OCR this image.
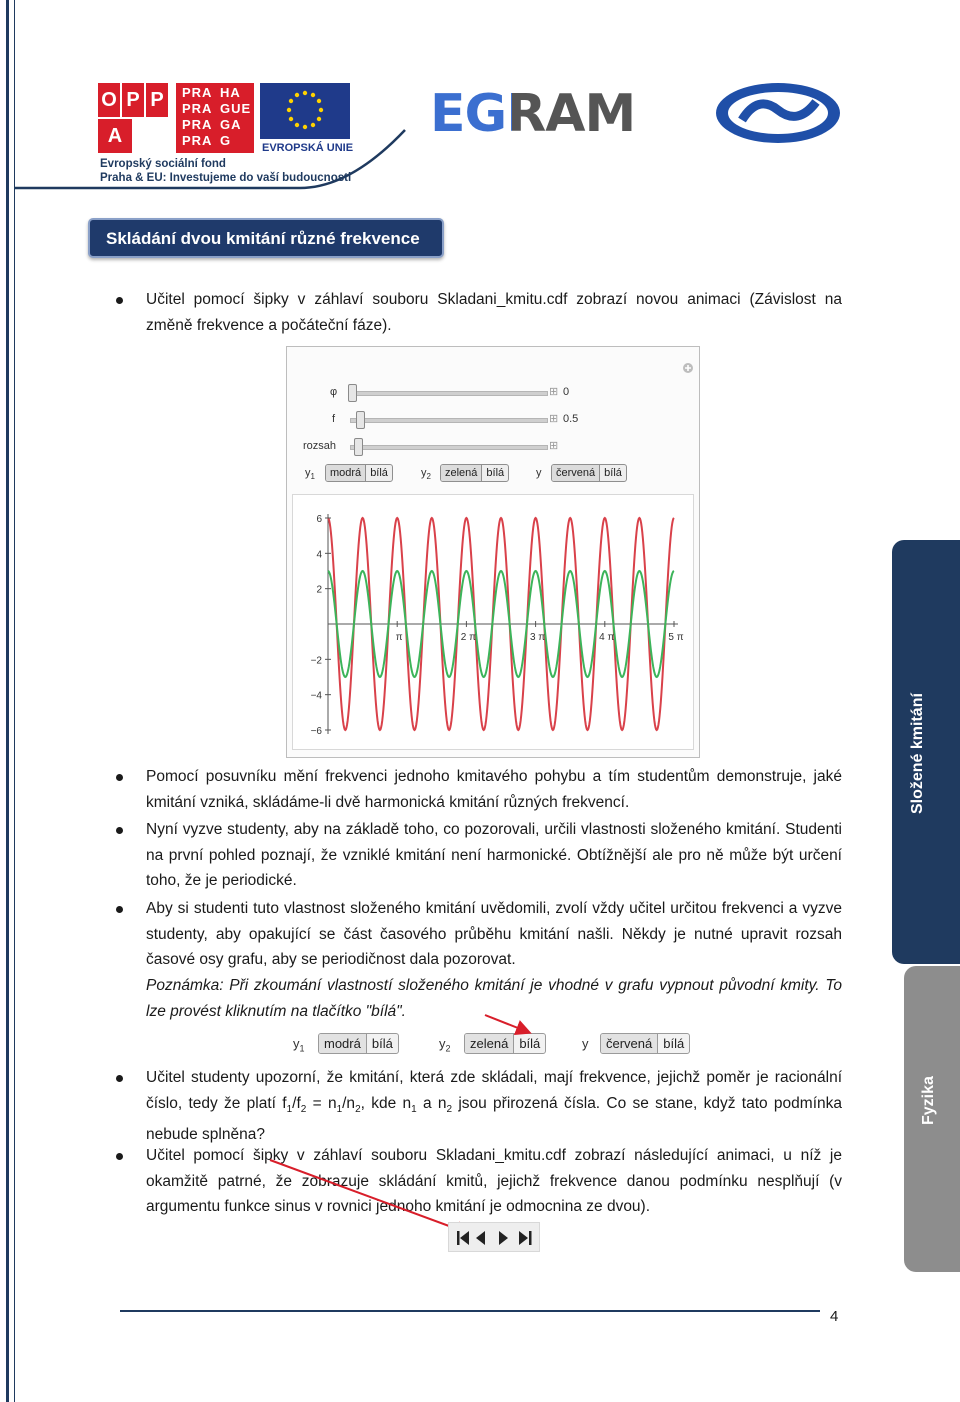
O P P
A
PRA HA
PRA GUE
PRA GA
PRA G	EVROPSKÁ UNIE
Evropský sociální fond
Praha & EU: Investujeme do vaší budoucnosti
EGRAM
Skládání dvou kmitání různé frekvence
Učitel pomocí šipky v záhlaví souboru Skladani_kmitu.cdf zobrazí novou animaci (Závislost na změně frekvence a počáteční fáze).
φ	⊞ 0
f	⊞ 0.5
rozsah	⊞
$y_1$	modrá bílá	$y_2$	zelená bílá	y	červená bílá
6
4
2
−2
−4
−6
π	2 π	3 π	4 π	5 π
Pomocí posuvníku mění frekvenci jednoho kmitavého pohybu a tím studentům demonstruje, jaké kmitání vzniká, skládáme-li dvě harmonická kmitání různých frekvencí.
Nyní vyzve studenty, aby na základě toho, co pozorovali, určili vlastnosti složeného kmitání. Studenti na první pohled poznají, že vzniklé kmitání není harmonické. Obtížnější ale pro ně může být určení toho, že je periodické.
Aby si studenti tuto vlastnost složeného kmitání uvědomili, zvolí vždy učitel určitou frekvenci a vyzve studenty, aby opakující se část časového průběhu kmitání našli. Někdy je nutné upravit rozsah časové osy grafu, aby se periodičnost dala pozorovat.
Poznámka: Při zkoumání vlastností složeného kmitání je vhodné v grafu vypnout původní kmity. To lze provést kliknutím na tlačítko "bílá".
$y_1$	modrá bílá	$y_2$	zelená bílá	y	červená bílá
Učitel studenty upozorní, že kmitání, která zde skládali, mají frekvence, jejichž poměr je racionální číslo, tedy že platí $f_1/f_2 = n_1/n_2$, kde $n_1$ a $n_2$ jsou přirozená čísla. Co se stane, když tato podmínka nebude splněna?
Učitel pomocí šipky v záhlaví souboru Skladani_kmitu.cdf zobrazí následující animaci, u níž je okamžitě patrné, že zobrazuje skládání kmitů, jejichž frekvence danou podmínku nesplňují (v argumentu funkce sinus v rovnici jednoho kmitání je odmocnina ze dvou).
Složené kmitání
Fyzika
4
